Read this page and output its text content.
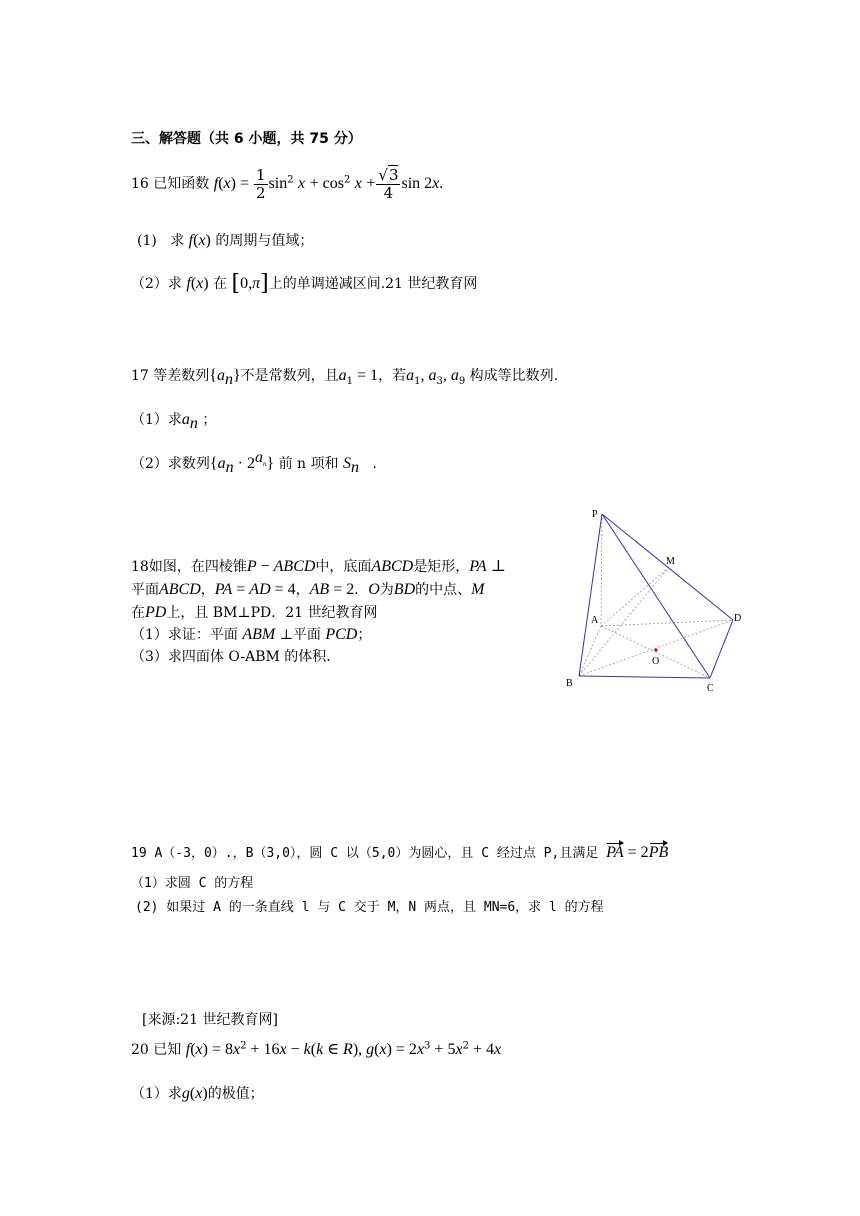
三、解答题（共 6 小题，共 75 分）
16 已知函数 $f(x) = \frac{1}{2} \sin^2 x + \cos^2 x + \frac{√3}{4}$ sin 2x.
(1) 求 f(x) 的周期与值域；
（2）求 f(x) 在 [0,π]上的单调递减区间.21 世纪教育网
17 等差数列$\{a_n\}$不是常数列，且$a_1 = 1$，若$a_1$, $a_3$, $a_9$ 构成等比数列.
（1）求$a_n$ ；
（2）求数列$\{a_n \cdot 2^{a_n}\}$ 前 n 项和 $S_n$ .
18如图，在四棱锥P − ABCD中，底面ABCD是矩形，PA ⊥
平面ABCD，PA = AD = 4，AB = 2．O为BD的中点、M
在PD上，且 BM⊥PD．21 世纪教育网
（1）求证：平面 ABM ⊥平面 PCD；
（3）求四面体 O-ABM 的体积.
P
M
A	D
O
B	C
19 A（-3，0）.，B（3,0），圆 C 以（5,0）为圆心，且 C 经过点 P,且满足 PA = 2PB
（1）求圆 C 的方程
(2) 如果过 A 的一条直线 l 与 C 交于 M，N 两点，且 MN=6，求 l 的方程
[来源:21 世纪教育网]
20 已知 $f(x) = 8x^2 + 16x - k(k$ ∈ R), $g(x) = 2x^3 + 5x^2 + 4x$
（1）求g(x)的极值；
